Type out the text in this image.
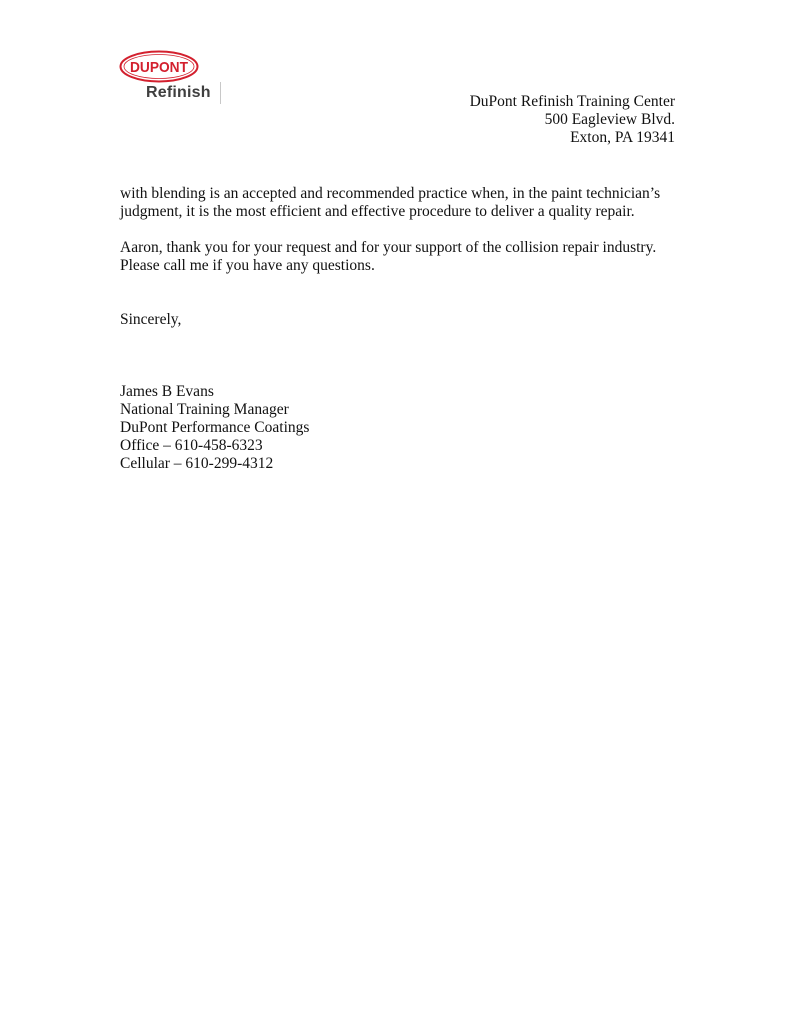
DUPONT
Refinish
DuPont Refinish Training Center
500 Eagleview Blvd.
Exton, PA 19341

with blending is an accepted and recommended practice when, in the paint technician’s judgment, it is the most efficient and effective procedure to deliver a quality repair.

Aaron, thank you for your request and for your support of the collision repair industry. Please call me if you have any questions.

Sincerely,

James B Evans
National Training Manager
DuPont Performance Coatings
Office – 610-458-6323
Cellular – 610-299-4312
